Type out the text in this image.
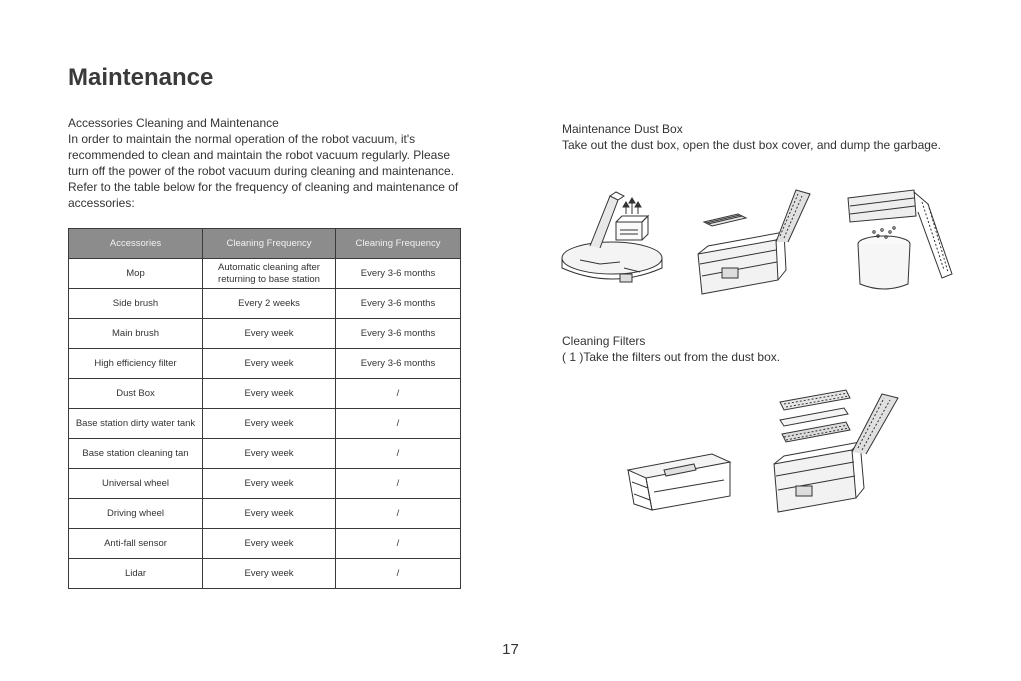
Maintenance
Accessories Cleaning and Maintenance
In order to maintain the normal operation of the robot vacuum, it's recommended to clean and maintain the robot vacuum regularly. Please turn off the power of the robot vacuum during cleaning and maintenance. Refer to the table below for the frequency of cleaning and maintenance of accessories:
Accessories	Cleaning Frequency	Cleaning Frequency
Mop	Automatic cleaning after returning to base station	Every 3-6 months
Side brush	Every 2 weeks	Every 3-6 months
Main brush	Every week	Every 3-6 months
High efficiency filter	Every week	Every 3-6 months
Dust Box	Every week	/
Base station dirty water tank	Every week	/
Base station cleaning tan	Every week	/
Universal wheel	Every week	/
Driving wheel	Every week	/
Anti-fall sensor	Every week	/
Lidar	Every week	/
Maintenance Dust Box
Take out the dust box, open the dust box cover, and dump the garbage.
Cleaning Filters
( 1 )Take the filters out from the dust box.
17
